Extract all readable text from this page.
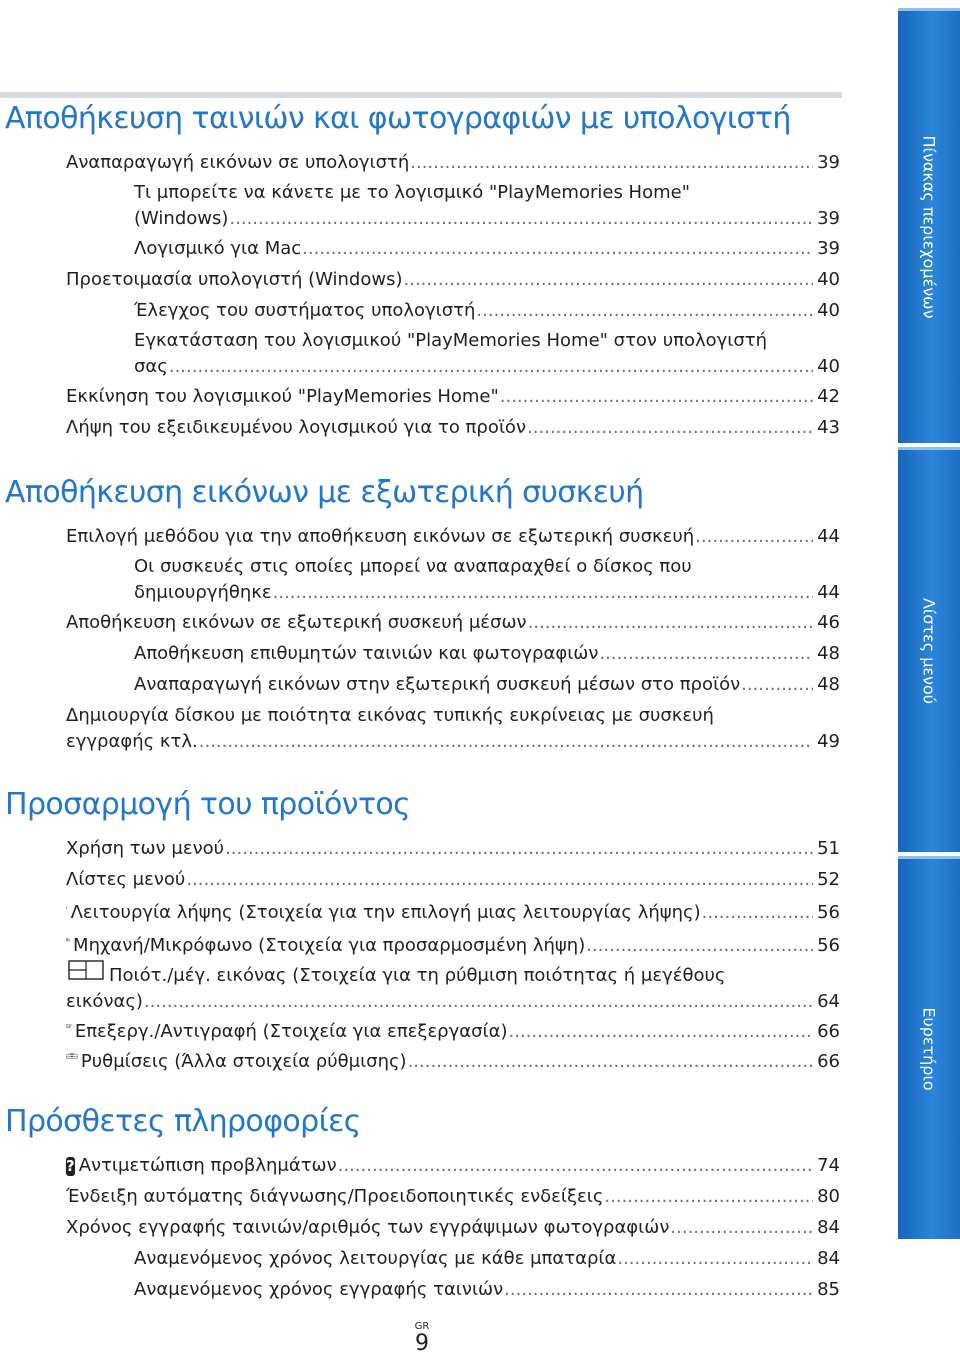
Αποθήκευση ταινιών και φωτογραφιών με υπολογιστή
Αναπαραγωγή εικόνων σε υπολογιστή .....	39
Τι μπορείτε να κάνετε με το λογισμικό "PlayMemories Home"
(Windows) .....	39
Λογισμικό για Mac .....	39
Προετοιμασία υπολογιστή (Windows) .....	40
Έλεγχος του συστήματος υπολογιστή .....	40
Εγκατάσταση του λογισμικού "PlayMemories Home" στον υπολογιστή
σας .....	40
Εκκίνηση του λογισμικού "PlayMemories Home" .....	42
Λήψη του εξειδικευμένου λογισμικού για το προϊόν .....	43
Αποθήκευση εικόνων με εξωτερική συσκευή
Επιλογή μεθόδου για την αποθήκευση εικόνων σε εξωτερική συσκευή .....	44
Οι συσκευές στις οποίες μπορεί να αναπαραχθεί ο δίσκος που
δημιουργήθηκε .....	44
Αποθήκευση εικόνων σε εξωτερική συσκευή μέσων .....	46
Αποθήκευση επιθυμητών ταινιών και φωτογραφιών .....	48
Αναπαραγωγή εικόνων στην εξωτερική συσκευή μέσων στο προϊόν .....	48
Δημιουργία δίσκου με ποιότητα εικόνας τυπικής ευκρίνειας με συσκευή
εγγραφής κτλ. .....	49
Προσαρμογή του προϊόντος
Χρήση των μενού .....	51
Λίστες μενού .....	52
Λειτουργία λήψης (Στοιχεία για την επιλογή μιας λειτουργίας λήψης) .....	56
Μηχανή/Μικρόφωνο (Στοιχεία για προσαρμοσμένη λήψη) .....	56
Ποιότ./μέγ. εικόνας (Στοιχεία για τη ρύθμιση ποιότητας ή μεγέθους
εικόνας) .....	64
Επεξεργ./Αντιγραφή (Στοιχεία για επεξεργασία) .....	66
Ρυθμίσεις (Άλλα στοιχεία ρύθμισης) .....	66
Πρόσθετες πληροφορίες
? Αντιμετώπιση προβλημάτων .....	74
Ένδειξη αυτόματης διάγνωσης/Προειδοποιητικές ενδείξεις .....	80
Χρόνος εγγραφής ταινιών/αριθμός των εγγράψιμων φωτογραφιών .....	84
Αναμενόμενος χρόνος λειτουργίας με κάθε μπαταρία .....	84
Αναμενόμενος χρόνος εγγραφής ταινιών .....	85
Πίνακας περιεχομένων
Λίστες μενού
Ευρετήριο
GR
9
